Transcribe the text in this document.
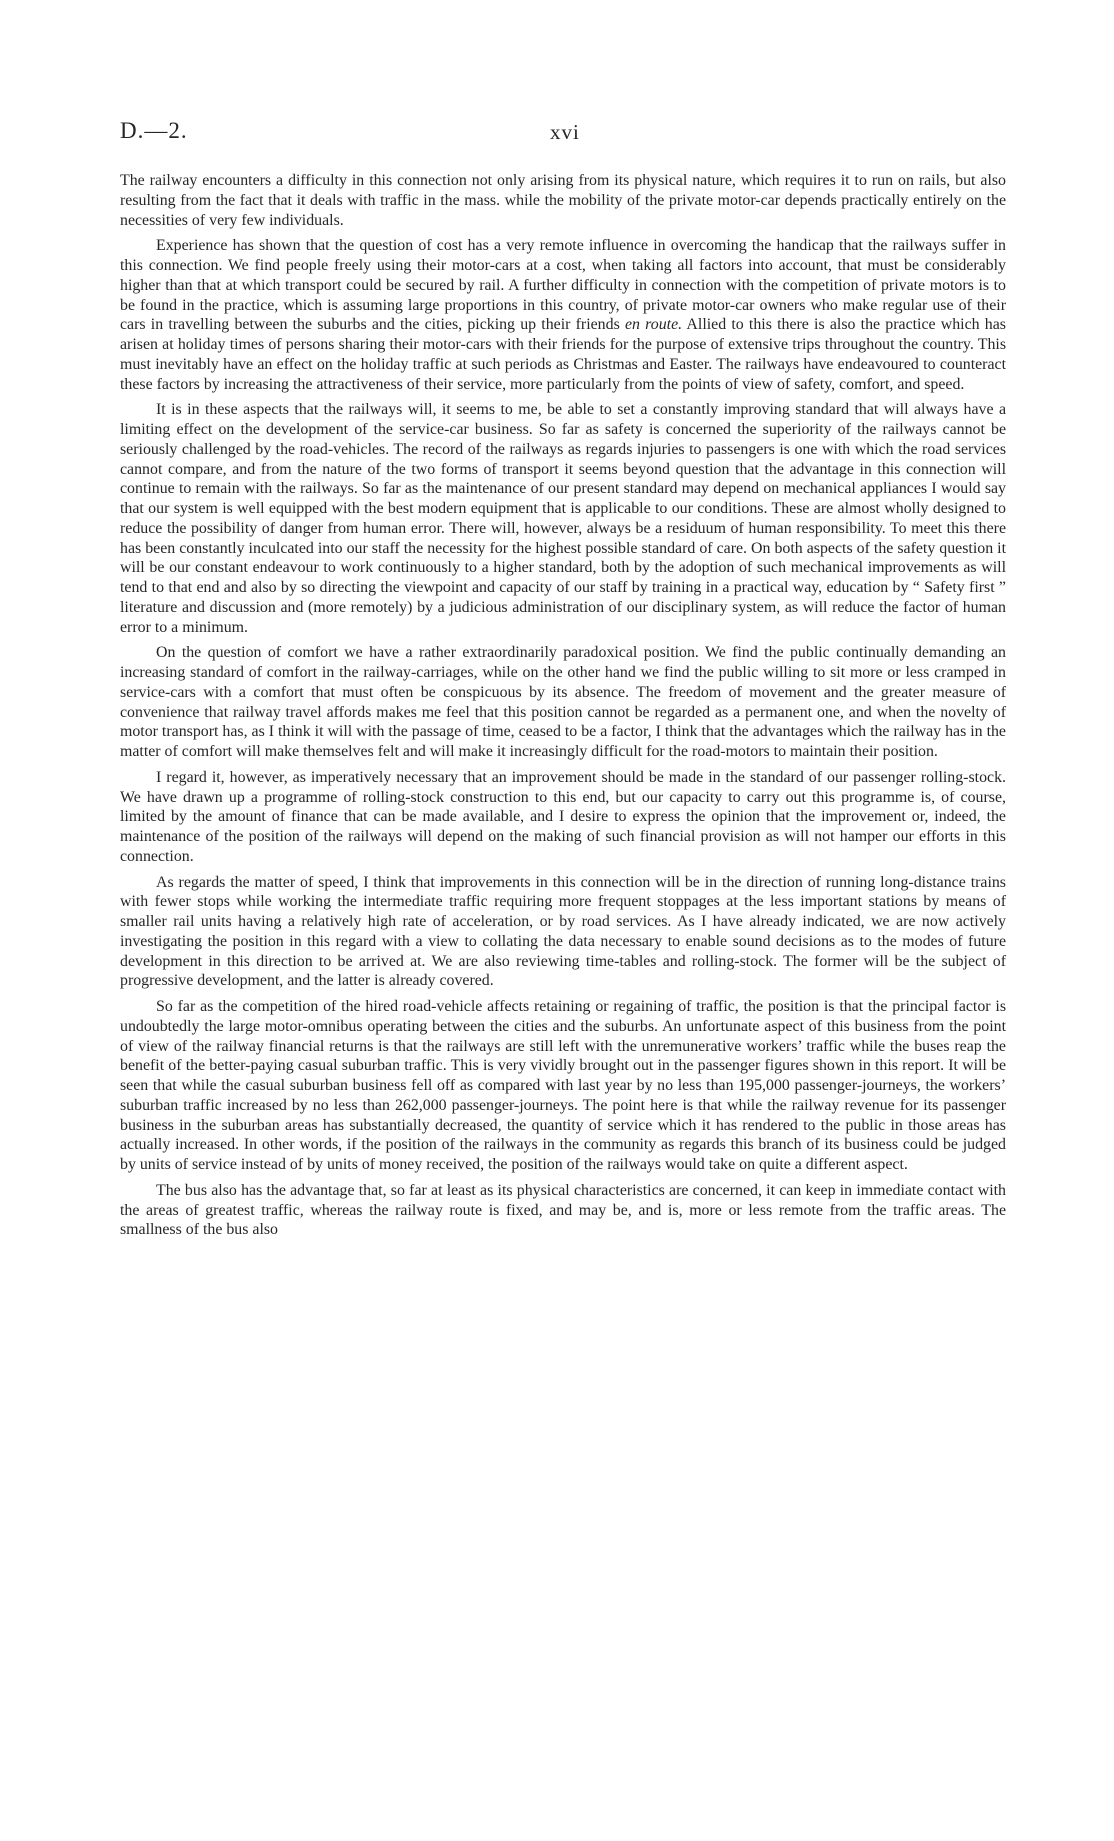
D.—2.	xvi

The railway encounters a difficulty in this connection not only arising from its physical nature, which requires it to run on rails, but also resulting from the fact that it deals with traffic in the mass. while the mobility of the private motor-car depends practically entirely on the necessities of very few individuals.

Experience has shown that the question of cost has a very remote influence in overcoming the handicap that the railways suffer in this connection. We find people freely using their motor-cars at a cost, when taking all factors into account, that must be considerably higher than that at which transport could be secured by rail. A further difficulty in connection with the competition of private motors is to be found in the practice, which is assuming large proportions in this country, of private motor-car owners who make regular use of their cars in travelling between the suburbs and the cities, picking up their friends en route. Allied to this there is also the practice which has arisen at holiday times of persons sharing their motor-cars with their friends for the purpose of extensive trips throughout the country. This must inevitably have an effect on the holiday traffic at such periods as Christmas and Easter. The railways have endeavoured to counteract these factors by increasing the attractiveness of their service, more particularly from the points of view of safety, comfort, and speed.

It is in these aspects that the railways will, it seems to me, be able to set a constantly improving standard that will always have a limiting effect on the development of the service-car business. So far as safety is concerned the superiority of the railways cannot be seriously challenged by the road-vehicles. The record of the railways as regards injuries to passengers is one with which the road services cannot compare, and from the nature of the two forms of transport it seems beyond question that the advantage in this connection will continue to remain with the railways. So far as the maintenance of our present standard may depend on mechanical appliances I would say that our system is well equipped with the best modern equipment that is applicable to our conditions. These are almost wholly designed to reduce the possibility of danger from human error. There will, however, always be a residuum of human responsibility. To meet this there has been constantly inculcated into our staff the necessity for the highest possible standard of care. On both aspects of the safety question it will be our constant endeavour to work continuously to a higher standard, both by the adoption of such mechanical improvements as will tend to that end and also by so directing the viewpoint and capacity of our staff by training in a practical way, education by “ Safety first ” literature and discussion and (more remotely) by a judicious administration of our disciplinary system, as will reduce the factor of human error to a minimum.

On the question of comfort we have a rather extraordinarily paradoxical position. We find the public continually demanding an increasing standard of comfort in the railway-carriages, while on the other hand we find the public willing to sit more or less cramped in service-cars with a comfort that must often be conspicuous by its absence. The freedom of movement and the greater measure of convenience that railway travel affords makes me feel that this position cannot be regarded as a permanent one, and when the novelty of motor transport has, as I think it will with the passage of time, ceased to be a factor, I think that the advantages which the railway has in the matter of comfort will make themselves felt and will make it increasingly difficult for the road-motors to maintain their position.

I regard it, however, as imperatively necessary that an improvement should be made in the standard of our passenger rolling-stock. We have drawn up a programme of rolling-stock construction to this end, but our capacity to carry out this programme is, of course, limited by the amount of finance that can be made available, and I desire to express the opinion that the improvement or, indeed, the maintenance of the position of the railways will depend on the making of such financial provision as will not hamper our efforts in this connection.

As regards the matter of speed, I think that improvements in this connection will be in the direction of running long-distance trains with fewer stops while working the intermediate traffic requiring more frequent stoppages at the less important stations by means of smaller rail units having a relatively high rate of acceleration, or by road services. As I have already indicated, we are now actively investigating the position in this regard with a view to collating the data necessary to enable sound decisions as to the modes of future development in this direction to be arrived at. We are also reviewing time-tables and rolling-stock. The former will be the subject of progressive development, and the latter is already covered.

So far as the competition of the hired road-vehicle affects retaining or regaining of traffic, the position is that the principal factor is undoubtedly the large motor-omnibus operating between the cities and the suburbs. An unfortunate aspect of this business from the point of view of the railway financial returns is that the railways are still left with the unremunerative workers’ traffic while the buses reap the benefit of the better-paying casual suburban traffic. This is very vividly brought out in the passenger figures shown in this report. It will be seen that while the casual suburban business fell off as compared with last year by no less than 195,000 passenger-journeys, the workers’ suburban traffic increased by no less than 262,000 passenger-journeys. The point here is that while the railway revenue for its passenger business in the suburban areas has substantially decreased, the quantity of service which it has rendered to the public in those areas has actually increased. In other words, if the position of the railways in the community as regards this branch of its business could be judged by units of service instead of by units of money received, the position of the railways would take on quite a different aspect.

The bus also has the advantage that, so far at least as its physical characteristics are concerned, it can keep in immediate contact with the areas of greatest traffic, whereas the railway route is fixed, and may be, and is, more or less remote from the traffic areas. The smallness of the bus also
